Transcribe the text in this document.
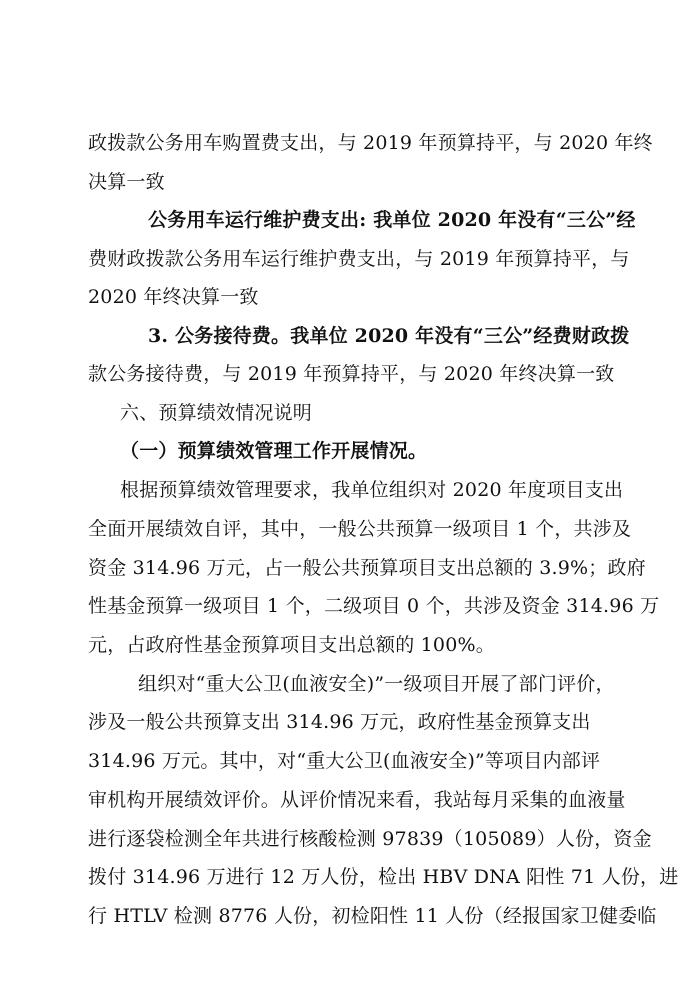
政拨款公务用车购置费支出，与 2019 年预算持平，与 2020 年终

决算一致

公务用车运行维护费支出: 我单位 2020 年没有“三公”经

费财政拨款公务用车运行维护费支出，与 2019 年预算持平，与

2020 年终决算一致

3. 公务接待费。我单位 2020 年没有“三公”经费财政拨

款公务接待费，与 2019 年预算持平，与 2020 年终决算一致

六、预算绩效情况说明

（一）预算绩效管理工作开展情况。

根据预算绩效管理要求，我单位组织对 2020 年度项目支出

全面开展绩效自评，其中，一般公共预算一级项目 1 个，共涉及

资金 314.96 万元，占一般公共预算项目支出总额的 3.9%；政府

性基金预算一级项目 1 个，二级项目 0 个，共涉及资金 314.96 万

元，占政府性基金预算项目支出总额的 100%。

组织对“重大公卫(血液安全)”一级项目开展了部门评价，

涉及一般公共预算支出 314.96 万元，政府性基金预算支出

314.96 万元。其中，对“重大公卫(血液安全)”等项目内部评

审机构开展绩效评价。从评价情况来看，我站每月采集的血液量

进行逐袋检测全年共进行核酸检测 97839（105089）人份，资金

拨付 314.96 万进行 12 万人份，检出 HBV DNA 阳性 71 人份，进

行 HTLV 检测 8776 人份，初检阳性 11 人份（经报国家卫健委临
